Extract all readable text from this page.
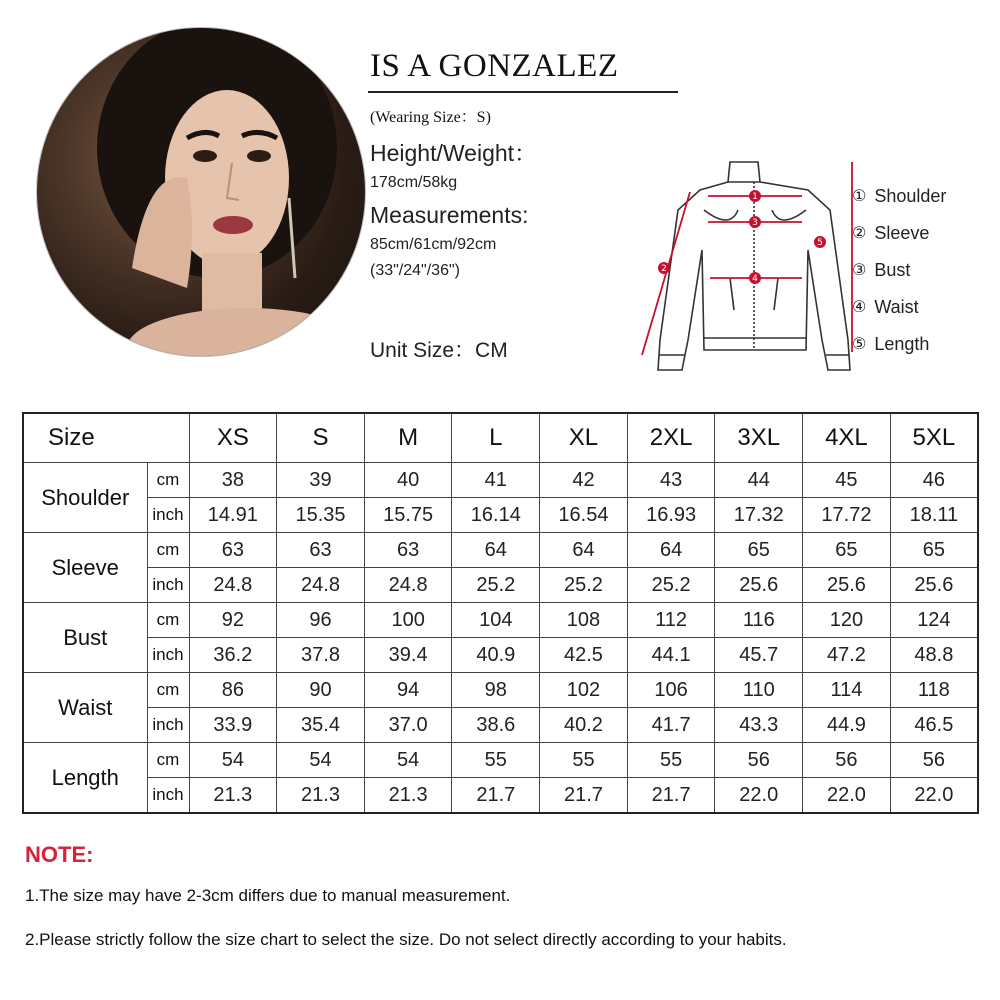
IS A GONZALEZ
(Wearing Size：S)
Height/Weight：
178cm/58kg
Measurements:
85cm/61cm/92cm
(33"/24"/36")
Unit Size：CM
1
2
3
4
5
① Shoulder
② Sleeve
③ Bust
④ Waist
⑤ Length
Size		XS	S	M	L	XL	2XL	3XL	4XL	5XL
Shoulder	cm	38	39	40	41	42	43	44	45	46
	inch	14.91	15.35	15.75	16.14	16.54	16.93	17.32	17.72	18.11
Sleeve	cm	63	63	63	64	64	64	65	65	65
	inch	24.8	24.8	24.8	25.2	25.2	25.2	25.6	25.6	25.6
Bust	cm	92	96	100	104	108	112	116	120	124
	inch	36.2	37.8	39.4	40.9	42.5	44.1	45.7	47.2	48.8
Waist	cm	86	90	94	98	102	106	110	114	118
	inch	33.9	35.4	37.0	38.6	40.2	41.7	43.3	44.9	46.5
Length	cm	54	54	54	55	55	55	56	56	56
	inch	21.3	21.3	21.3	21.7	21.7	21.7	22.0	22.0	22.0
NOTE:
1.The size may have 2-3cm differs due to manual measurement.
2.Please strictly follow the size chart to select the size. Do not select directly according to your habits.
